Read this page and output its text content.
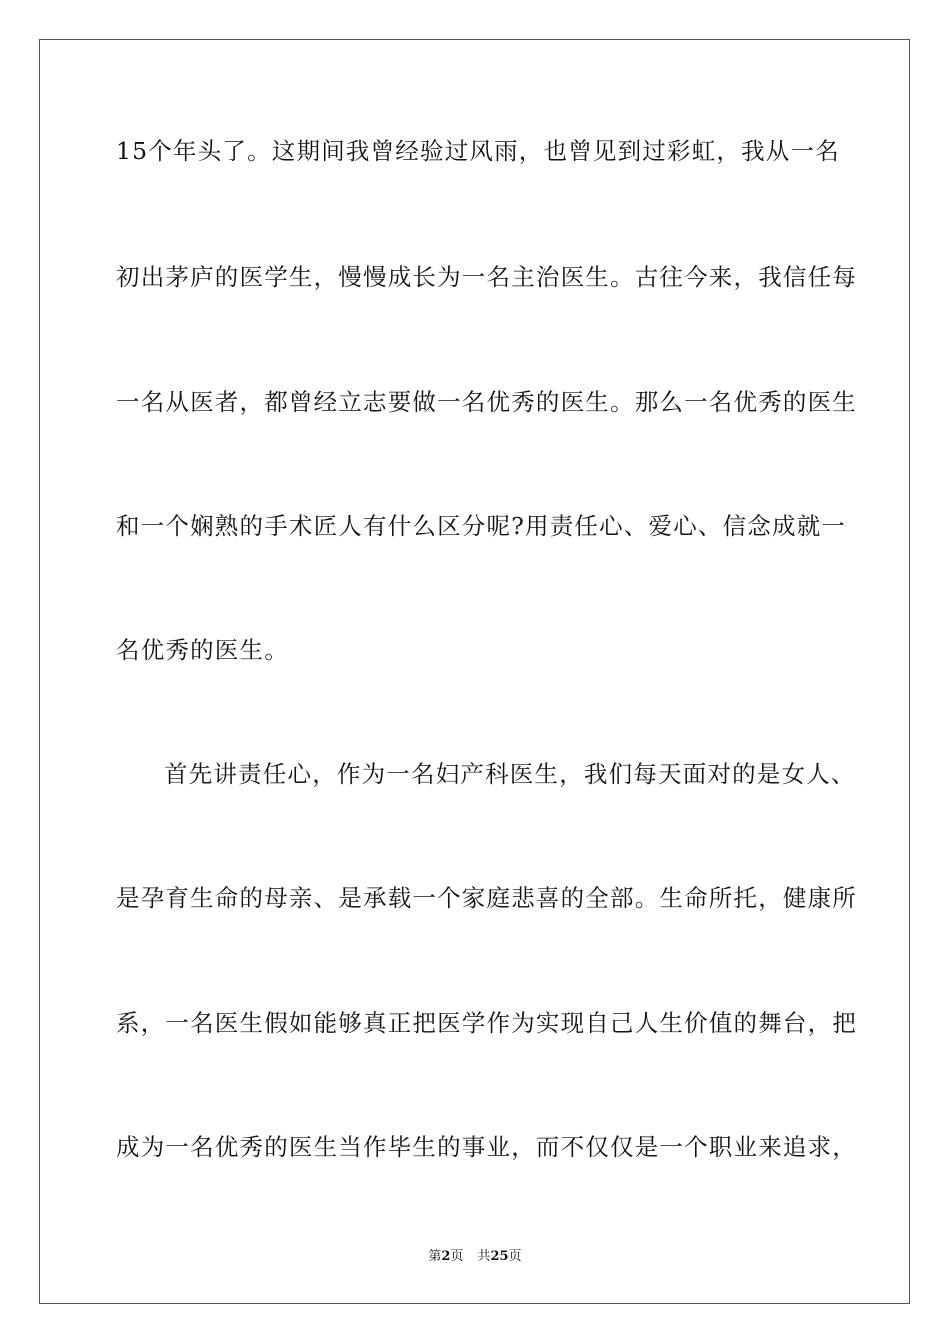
15个年头了。这期间我曾经验过风雨，也曾见到过彩虹，我从一名
初出茅庐的医学生，慢慢成长为一名主治医生。古往今来，我信任每
一名从医者，都曾经立志要做一名优秀的医生。那么一名优秀的医生
和一个娴熟的手术匠人有什么区分呢?用责任心、爱心、信念成就一
名优秀的医生。
首先讲责任心，作为一名妇产科医生，我们每天面对的是女人、
是孕育生命的母亲、是承载一个家庭悲喜的全部。生命所托，健康所
系，一名医生假如能够真正把医学作为实现自己人生价值的舞台，把
成为一名优秀的医生当作毕生的事业，而不仅仅是一个职业来追求，
第2页 共25页
